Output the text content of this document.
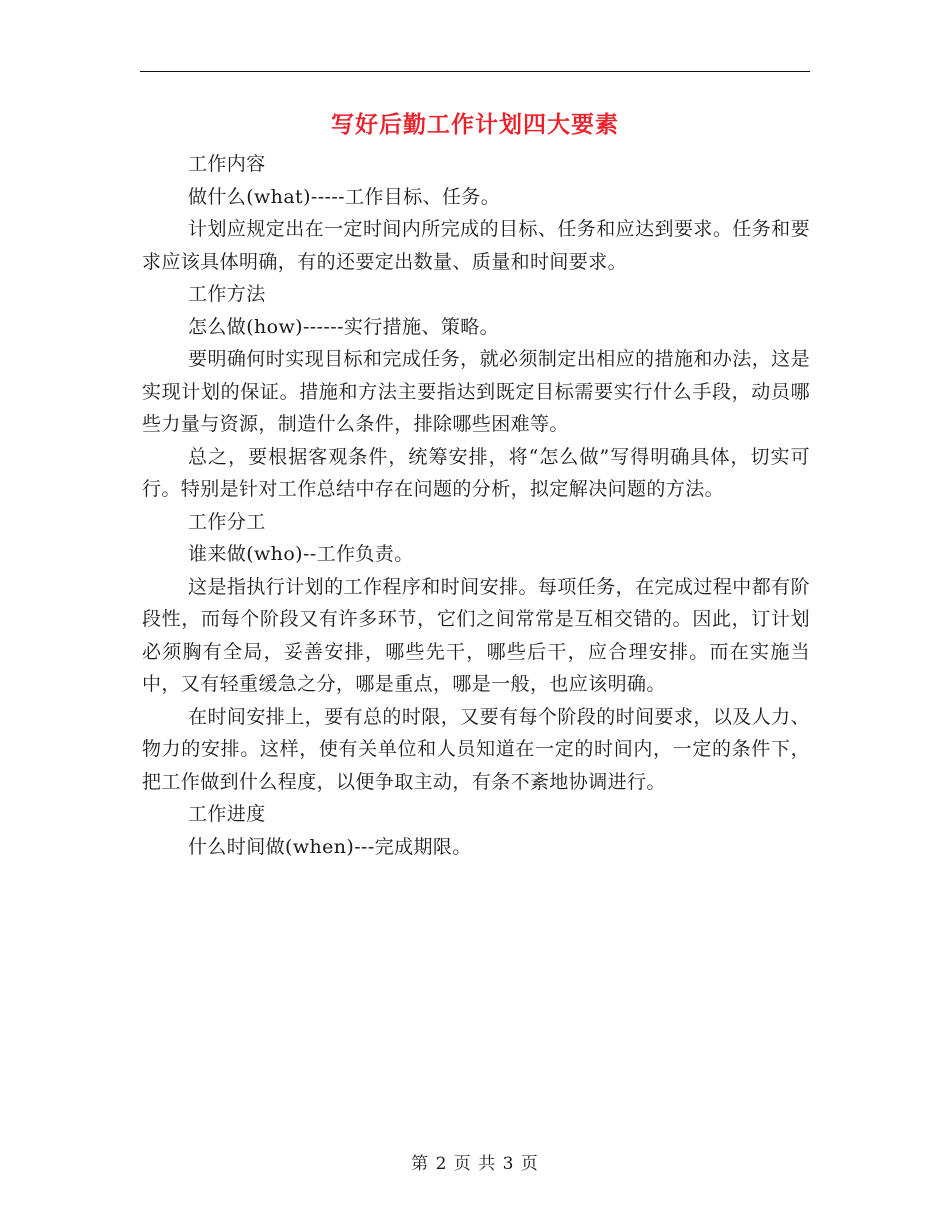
写好后勤工作计划四大要素

工作内容

做什么(what)-----工作目标、任务。

计划应规定出在一定时间内所完成的目标、任务和应达到要求。任务和要求应该具体明确，有的还要定出数量、质量和时间要求。

工作方法

怎么做(how)------实行措施、策略。

要明确何时实现目标和完成任务，就必须制定出相应的措施和办法，这是实现计划的保证。措施和方法主要指达到既定目标需要实行什么手段，动员哪些力量与资源，制造什么条件，排除哪些困难等。

总之，要根据客观条件，统筹安排，将“怎么做”写得明确具体，切实可行。特别是针对工作总结中存在问题的分析，拟定解决问题的方法。

工作分工

谁来做(who)--工作负责。

这是指执行计划的工作程序和时间安排。每项任务，在完成过程中都有阶段性，而每个阶段又有许多环节，它们之间常常是互相交错的。因此，订计划必须胸有全局，妥善安排，哪些先干，哪些后干，应合理安排。而在实施当中，又有轻重缓急之分，哪是重点，哪是一般，也应该明确。

在时间安排上，要有总的时限，又要有每个阶段的时间要求，以及人力、物力的安排。这样，使有关单位和人员知道在一定的时间内，一定的条件下，把工作做到什么程度，以便争取主动，有条不紊地协调进行。

工作进度

什么时间做(when)---完成期限。

第 2 页 共 3 页
